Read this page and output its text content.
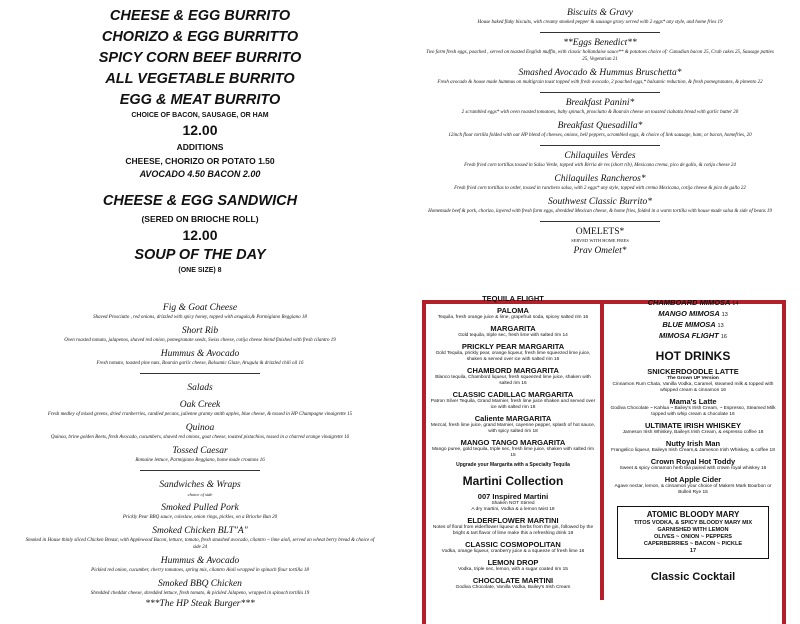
CHEESE & EGG BURRITO
CHORIZO & EGG BURRITTO
SPICY CORN BEEF BURRITO
ALL VEGETABLE BURRITO
EGG & MEAT BURRITO
CHOICE OF BACON, SAUSAGE, OR HAM
12.00
ADDITIONS
CHEESE, CHORIZO OR POTATO 1.50
AVOCADO 4.50 BACON 2.00
CHEESE & EGG SANDWICH
(SERED ON BRIOCHE ROLL)
12.00
SOUP OF THE DAY
(ONE SIZE) 8
Biscuits & Gravy
House baked flaky biscuits, with creamy smoked pepper & sausage gravy served with 2 eggs* any style, and home fries 19
**Eggs Benedict**
Two farm fresh eggs, poached , served on toasted English muffin, with classic hollandaise sauce** & potatoes choice of: Canadian bacon 25, Crab cakes 25, Sausage patties 25, Vegetarian 21
Smashed Avocado & Hummus Bruschetta*
Fresh avocado & house made hummus on multigrain toast topped with fresh avocado, 2 poached eggs,* balsamic reduction, & fresh pomegranates, & pimento 22
Breakfast Panini*
2 scrambled eggs* with oven roasted tomatoes, baby spinach, prosciutto & Boursin cheese on toasted ciabatta bread with garlic butter 20
Breakfast Quesadilla*
12inch flour tortilla folded with our HP blend of cheeses, onions, bell peppers, scrambled eggs, & choice of link sausage, ham, or bacon, homefries, 20
Chilaquiles Verdes
Fresh fried corn tortillas tossed in Salsa Verde, topped with Birria de res (short rib), Mexicana crema, pico de gallo, & cotija cheese 24
Chilaquiles Rancheros*
Fresh fried corn tortillas to order, tossed in ranchero salsa, with 2 eggs* any style, topped with crema Mexicana, cotija cheese & pico de gallo 22
Southwest Classic Burrito*
Homemade beef & pork, chorizo, layered with fresh farm eggs, shredded Mexican cheese, & home fries, folded in a warm tortilla with house made salsa & side of beans 19
OMELETS*
SERVED WITH HOME FRIES
Prav Omelet*
Fig & Goat Cheese
Shaved Prosciutto , red onions, drizzled with spicy honey, topped with arugula,& Parmigiano Reggiano 18
Short Rib
Oven roasted tomato, jalapenos, shaved red onion, pomegranate seeds, Swiss cheese, cotija cheese blend finished with fresh cilantro 19
Hummus & Avocado
Fresh tomato, toasted pine nuts, Boursin garlic cheese, Balsamic Glaze, Arugula & drizzled chili oil 16
Salads
Oak Creek
Fresh medley of mixed greens, dried cranberries, candied pecans, julienne granny smith apples, blue cheese, & tossed in HP Champagne vinaigrette 15
Quinoa
Quinoa, brine golden Beets, fresh Avocado, cucumbers, shaved red onions, goat cheese, toasted pistachios, tossed in a charred orange vinaigrette 16
Tossed Caesar
Romaine lettuce, Parmigiano Reggiano, home made croutons 16
Sandwiches & Wraps
choice of side
Smoked Pulled Pork
Prickly Pear BBQ sauce, coleslaw, onion rings, pickles, on a Brioche Bun 20
Smoked Chicken BLT"A"
Smoked in House thinly sliced Chicken Breast, with Applewood Bacon, lettuce, tomato, fresh smashed avocado, cilantro ~ lime aioli, served on wheat berry bread & choice of side 24
Hummus & Avocado
Pickled red onion, cucumber, cherry tomatoes, spring mix, cilantro Aioli wrapped in spinach flour tortilla 18
Smoked BBQ Chicken
Shredded cheddar cheese, shredded lettuce, fresh tomato, & pickled Jalapeno, wrapped in spinach tortilla 19
***The HP Steak Burger***
TEQUILA FLIGHT
PALOMA
Tequila, fresh orange juice & lime, grapefruit soda, spicey salted rim 16
MARGARITA
Gold tequila, triple sec, fresh lime with salted rim 14
PRICKLY PEAR MARGARITA
Gold Tequila, prickly pear, orange liqueur, fresh lime squeezed lime juice, shaken & served over ice with salted rim 16
CHAMBORD MARGARITA
Blanco tequila, Chambord liqueur, fresh squeezed lime juice, shaken with salted rim 16
CLASSIC CADILLAC MARGARITA
Patron Silver Tequila, Grand Marnier, fresh lime juice shaken and served over ice with salted rim 18
Caliente MARGARITA
Mezcal, fresh lime juice, grand Marnier, cayenne pepper, splash of hot sauce, with spicy salted rim 18
MANGO TANGO MARGARITA
Mango puree, gold tequila, triple sec, fresh lime juice, shaken with salted rim 15
Upgrade your Margarita with a Specialty Tequila
Martini Collection
007 Inspired Martini
Shaken NOT Stirred
A dry martini, Vodka & a lemon twist 18
ELDERFLOWER MARTINI
Notes of floral from elderflower liqueur & herbs from the gin, followed by the bright & tart flavor of lime make this a refreshing drink 18
CLASSIC COSMOPOLITAN
Vodka, orange liqueur, cranberry juice & a squeeze of fresh lime 16
LEMON DROP
Vodka, triple sec, lemon, with a sugar coated rim 15
CHOCOLATE MARTINI
Godiva Chocolate, Vanilla Vodka, Bailey's Irish Cream
CHAMBOARD MIMOSA 14
MANGO MIMOSA 13
BLUE MIMOSA 13
MIMOSA FLIGHT 16
HOT DRINKS
SNICKERDOODLE LATTE
The Grown UP Version
Cinnamon Rum Chata, Vanilla Vodka, Caramel, steamed milk & topped with whipped cream & cinnamon 16
Mama's Latte
Godiva Chocolate ~ Kahlua ~ Bailey's Irish Cream, ~ Espresso, Steamed Milk topped with whip cream & chocolate 16
ULTIMATE IRISH WHISKEY
Jameson Irish Whiskey, Baileys Irish Cream, & espresso coffee 18
Nutty Irish Man
Frangelico liqueur, Baileys Irish Cream,& Jameson Irish Whiskey, & coffee 18
Crown Royal Hot Toddy
Sweet & spicy cinnamon herb tea paired with crown royal whiskey 16
Hot Apple Cider
Agave nectar, lemon, & cinnamon your choice of Makers Mark Bourbon or Bulleit Rye 15
ATOMIC BLOODY MARY
TITOS VODKA, & SPICY BLOODY MARY MIX
GARNISHED WITH LEMON
OLIVES ~ ONION ~ PEPPERS
CAPERBERRIES ~ BACON ~ PICKLE
17
Classic Cocktail
